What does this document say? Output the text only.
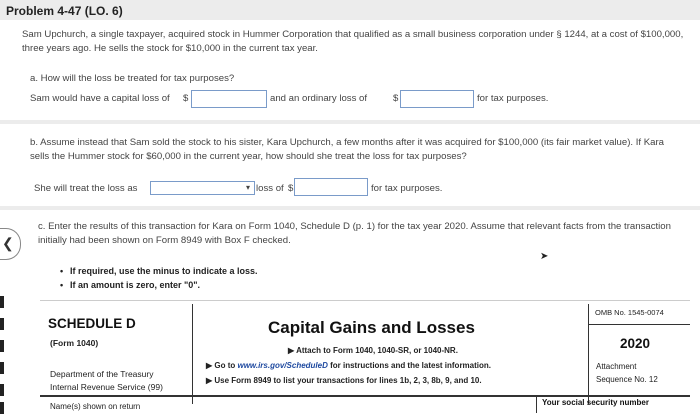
Problem 4-47 (LO. 6)
Sam Upchurch, a single taxpayer, acquired stock in Hummer Corporation that qualified as a small business corporation under § 1244, at a cost of $100,000, three years ago. He sells the stock for $10,000 in the current tax year.
a. How will the loss be treated for tax purposes?
Sam would have a capital loss of $	and an ordinary loss of	$	for tax purposes.
b. Assume instead that Sam sold the stock to his sister, Kara Upchurch, a few months after it was acquired for $100,000 (its fair market value). If Kara sells the Hummer stock for $60,000 in the current year, how should she treat the loss for tax purposes?
She will treat the loss as	▾ loss of $	for tax purposes.
❮
c. Enter the results of this transaction for Kara on Form 1040, Schedule D (p. 1) for the tax year 2020. Assume that relevant facts from the transaction initially had been shown on Form 8949 with Box F checked.
• If required, use the minus to indicate a loss.
• If an amount is zero, enter "0".
➤
SCHEDULE D
(Form 1040)
Department of the Treasury
Internal Revenue Service (99)
Capital Gains and Losses
▶ Attach to Form 1040, 1040-SR, or 1040-NR.
▶ Go to www.irs.gov/ScheduleD for instructions and the latest information.
▶ Use Form 8949 to list your transactions for lines 1b, 2, 3, 8b, 9, and 10.
OMB No. 1545-0074
2020
Attachment
Sequence No. 12
Name(s) shown on return	Your social security number
